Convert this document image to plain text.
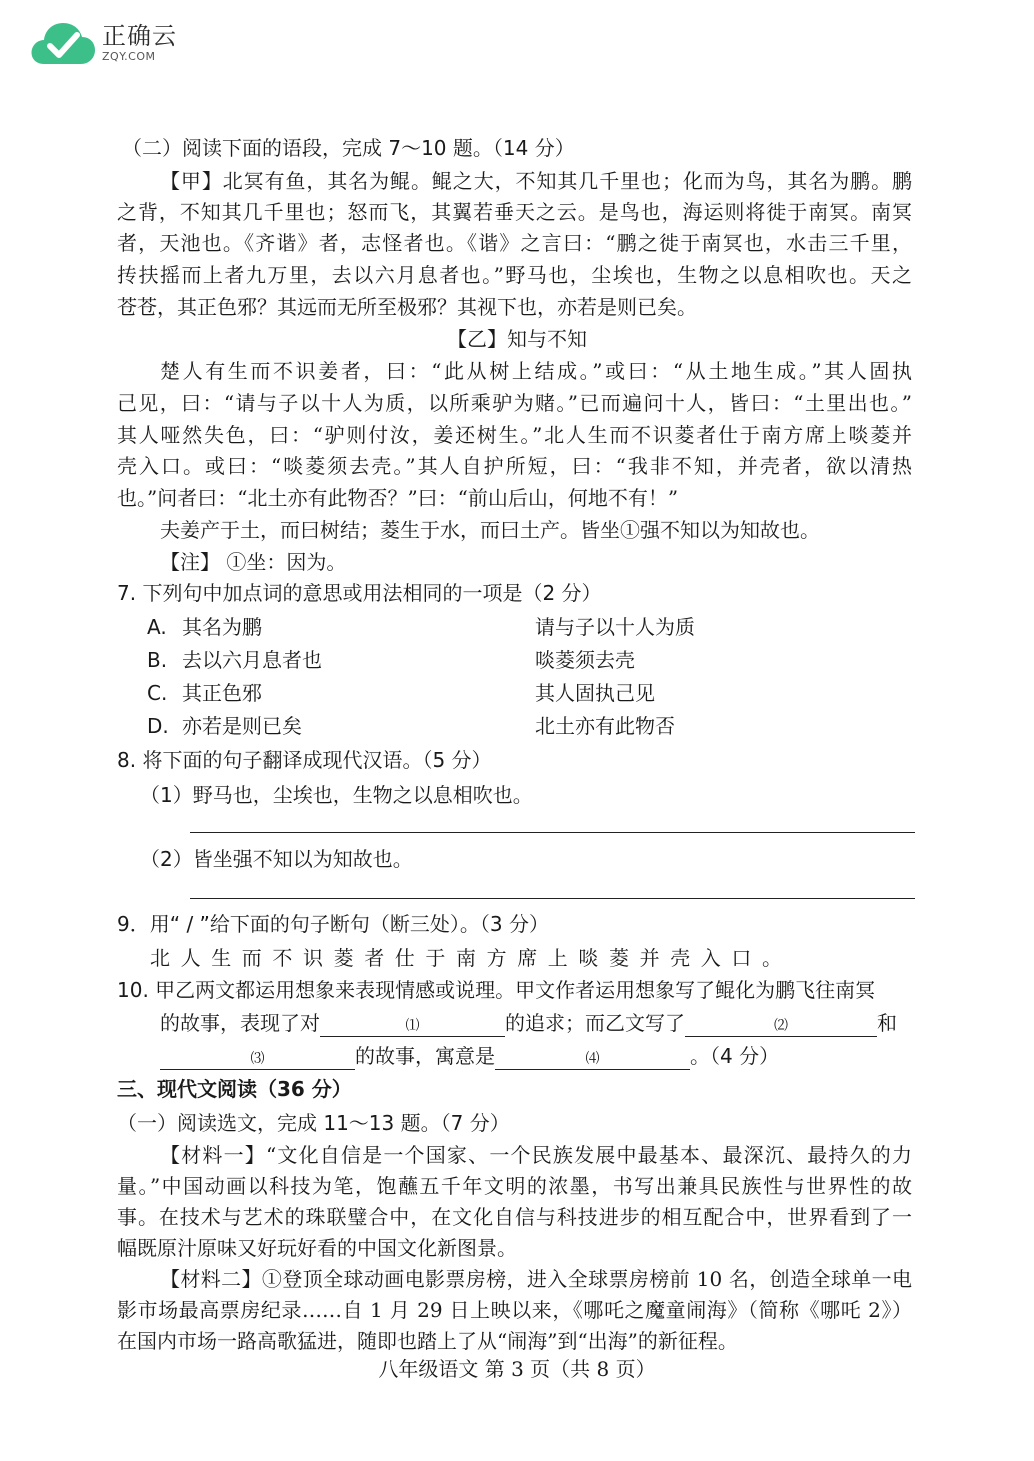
正确云
ZQY.COM
（二）阅读下面的语段，完成 7～10 题。（14 分）
【甲】北冥有鱼，其名为鲲。鲲之大，不知其几千里也；化而为鸟，其名为鹏。鹏
之背，不知其几千里也；怒而飞，其翼若垂天之云。是鸟也，海运则将徙于南冥。南冥
者，天池也。《齐谐》者，志怪者也。《谐》之言曰：“鹏之徙于南冥也，水击三千里，
抟扶摇而上者九万里，去以六月息者也。”野马也，尘埃也，生物之以息相吹也。天之
苍苍，其正色邪？其远而无所至极邪？其视下也，亦若是则已矣。
【乙】知与不知
楚人有生而不识姜者，曰：“此从树上结成。”或曰：“从土地生成。”其人固执
己见，曰：“请与子以十人为质，以所乘驴为赌。”已而遍问十人，皆曰：“土里出也。”
其人哑然失色，曰：“驴则付汝，姜还树生。”北人生而不识菱者仕于南方席上啖菱并
壳入口。或曰：“啖菱须去壳。”其人自护所短，曰：“我非不知，并壳者，欲以清热
也。”问者曰：“北土亦有此物否？”曰：“前山后山，何地不有！”
夫姜产于土，而曰树结；菱生于水，而曰土产。皆坐①强不知以为知故也。
【注】 ①坐：因为。
7. 下列句中加点词的意思或用法相同的一项是（2 分）
A. 其名为鹏	请与子以十人为质
B. 去以六月息者也	啖菱须去壳
C. 其正色邪	其人固执己见
D. 亦若是则已矣	北土亦有此物否
8. 将下面的句子翻译成现代汉语。（5 分）
（1）野马也，尘埃也，生物之以息相吹也。
（2）皆坐强不知以为知故也。
9．用“ / ”给下面的句子断句（断三处）。（3 分）
北人生而不识菱者仕于南方席上啖菱并壳入口。
10. 甲乙两文都运用想象来表现情感或说理。甲文作者运用想象写了鲲化为鹏飞往南冥
的故事，表现了对	⑴	的追求；而乙文写了	⑵	和
⑶	的故事，寓意是	⑷	。（4 分）
三、现代文阅读（36 分）
（一）阅读选文，完成 11～13 题。（7 分）
【材料一】“文化自信是一个国家、一个民族发展中最基本、最深沉、最持久的力
量。”中国动画以科技为笔，饱蘸五千年文明的浓墨，书写出兼具民族性与世界性的故
事。在技术与艺术的珠联璧合中，在文化自信与科技进步的相互配合中，世界看到了一
幅既原汁原味又好玩好看的中国文化新图景。
【材料二】①登顶全球动画电影票房榜，进入全球票房榜前 10 名，创造全球单一电
影市场最高票房纪录……自 1 月 29 日上映以来，《哪吒之魔童闹海》（简称《哪吒 2》）
在国内市场一路高歌猛进，随即也踏上了从“闹海”到“出海”的新征程。
八年级语文 第 3 页（共 8 页）
